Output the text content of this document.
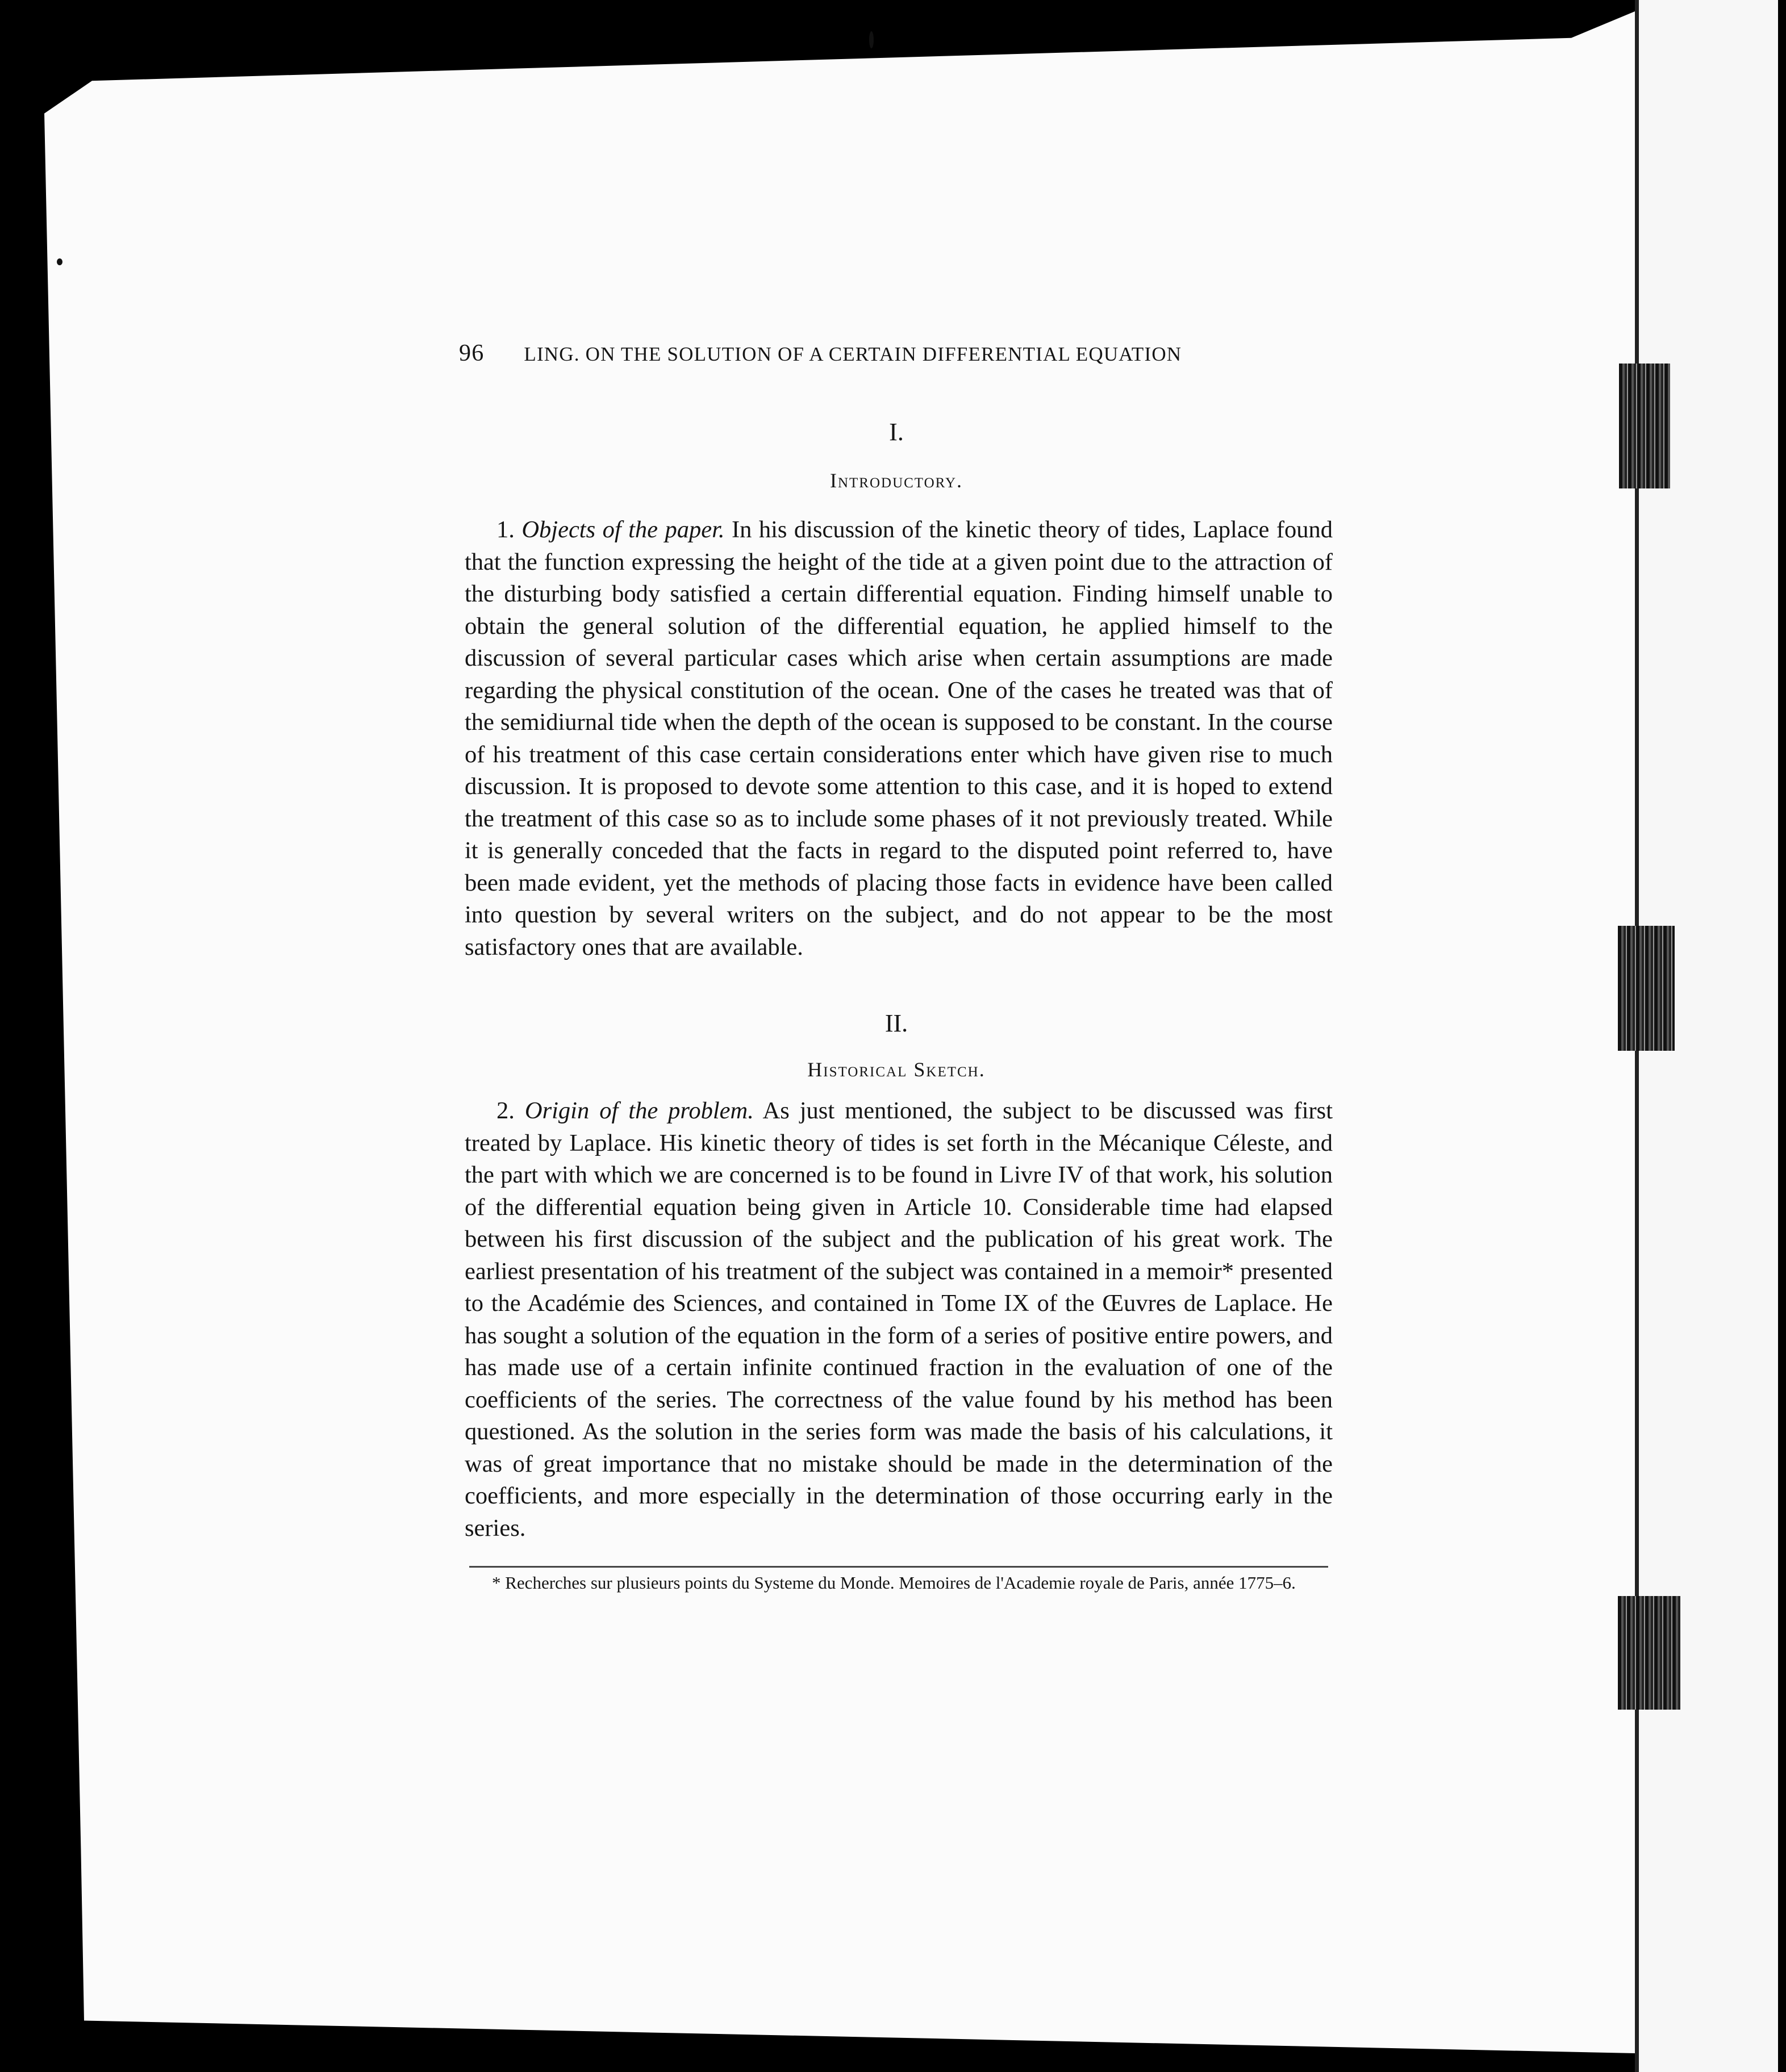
96 LING. ON THE SOLUTION OF A CERTAIN DIFFERENTIAL EQUATION
I.
Introductory.
1. Objects of the paper. In his discussion of the kinetic theory of tides, Laplace found that the function expressing the height of the tide at a given point due to the attraction of the disturbing body satisfied a certain differential equation. Finding himself unable to obtain the general solution of the differential equation, he applied himself to the discussion of several particular cases which arise when certain assumptions are made regarding the physical constitution of the ocean. One of the cases he treated was that of the semidiurnal tide when the depth of the ocean is supposed to be constant. In the course of his treatment of this case certain considerations enter which have given rise to much discussion. It is proposed to devote some attention to this case, and it is hoped to extend the treatment of this case so as to include some phases of it not previously treated. While it is generally conceded that the facts in regard to the disputed point referred to, have been made evident, yet the methods of placing those facts in evidence have been called into question by several writers on the subject, and do not appear to be the most satisfactory ones that are available.
II.
Historical Sketch.
2. Origin of the problem. As just mentioned, the subject to be discussed was first treated by Laplace. His kinetic theory of tides is set forth in the Mécanique Céleste, and the part with which we are concerned is to be found in Livre IV of that work, his solution of the differential equation being given in Article 10. Considerable time had elapsed between his first discussion of the subject and the publication of his great work. The earliest presentation of his treatment of the subject was contained in a memoir* presented to the Académie des Sciences, and contained in Tome IX of the Œuvres de Laplace. He has sought a solution of the equation in the form of a series of positive entire powers, and has made use of a certain infinite continued fraction in the evaluation of one of the coefficients of the series. The correctness of the value found by his method has been questioned. As the solution in the series form was made the basis of his calculations, it was of great importance that no mistake should be made in the determination of the coefficients, and more especially in the determination of those occurring early in the series.
* Recherches sur plusieurs points du Systeme du Monde. Memoires de l'Academie royale de Paris, année 1775–6.
